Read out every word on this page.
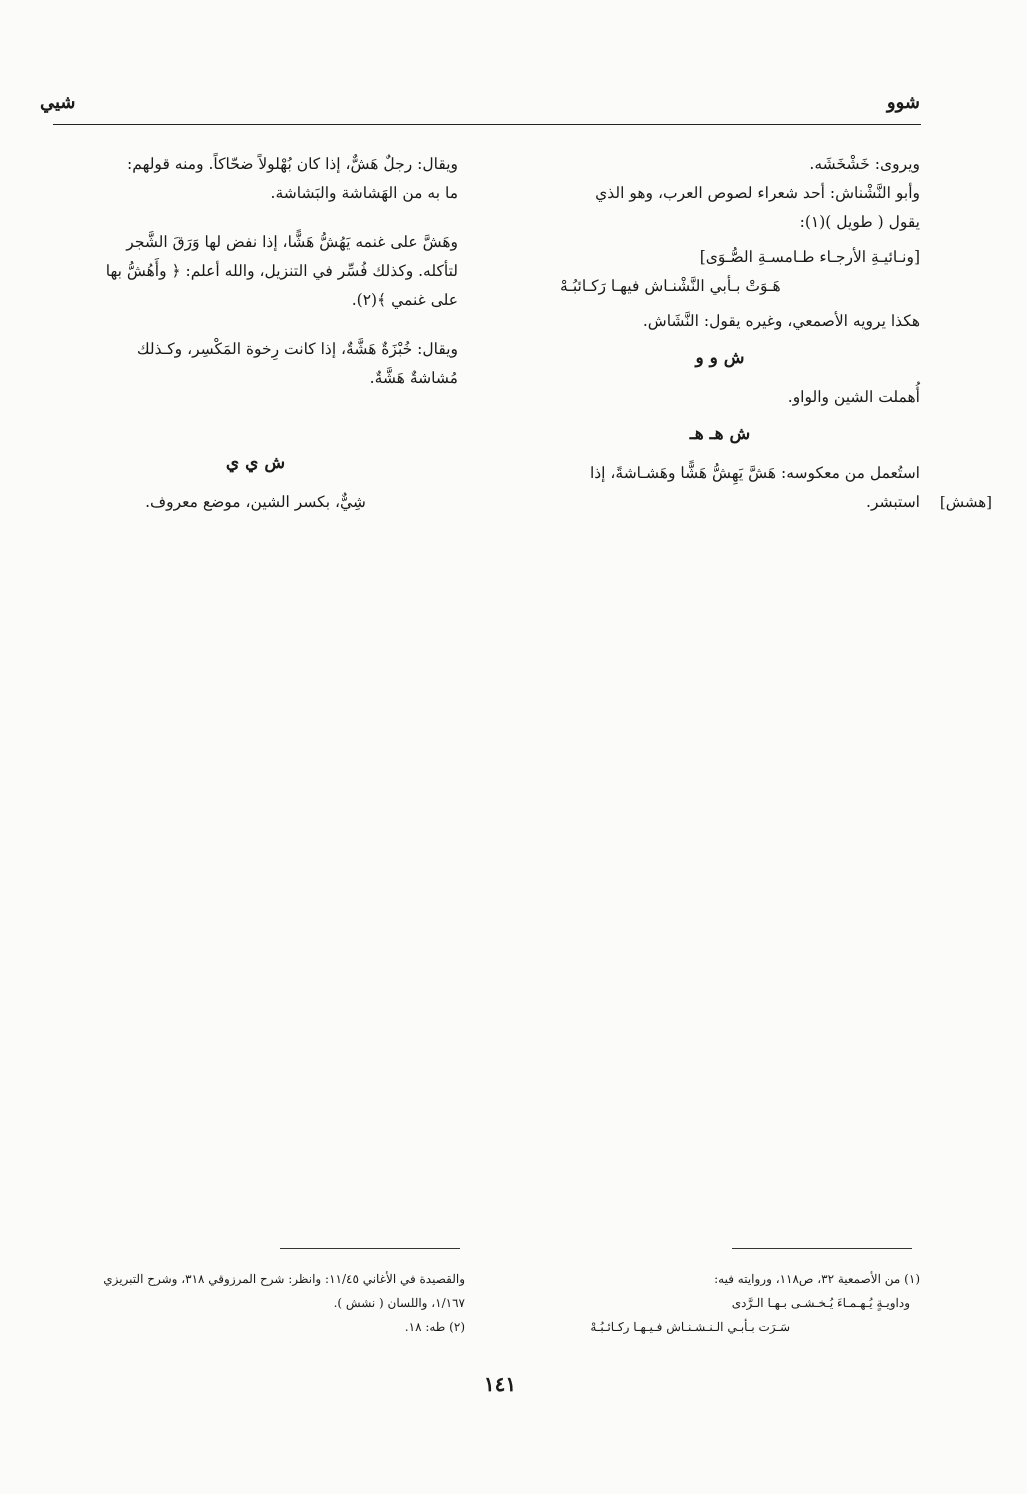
شوو
شيي

ويروى: خَشْخَشَه.

وأبو النَّشْناش: أحد شعراء لصوص العرب، وهو الذي

يقول ( طويل )(١):

[ونـائيـةِ الأرجـاء طـامسـةِ الصُّـوَى]

هَـوَتْ بـأبي النَّشْنـاش فيهـا رَكـائبُـهْ

هكذا يرويه الأصمعي، وغيره يقول: النَّشَاش.

ش و و

أُهملت الشين والواو.

ش هـ هـ

استُعمل من معكوسه: هَشَّ يَهِشُّ هَشًّا وهَشـاشةً، إذا

استبشر.	[هشش]

ويقال: رجلٌ هَشٌّ، إذا كان بُهْلولاً ضحّاكاً. ومنه قولهم:

ما به من الهَشاشة والبَشاشة.

وهَشَّ على غنمه يَهُشُّ هَشًّا، إذا نفض لها وَرَقَ الشَّجر

لتأكله. وكذلك فُسِّر في التنزيل، والله أعلم: ﴿ وأَهُشُّ بها

على غنمي ﴾(٢).

ويقال: خُبْزَةٌ هَشَّةٌ، إذا كانت رِخوة المَكْسِر، وكـذلك

مُشاشةٌ هَشَّةٌ.

ش ي ي

شِيٌّ، بكسر الشين، موضع معروف.

(١) من الأصمعية ٣٢، ص١١٨، وروايته فيه:

وداويـةٍ يُـهـمـاءَ يُـخـشـى بـهـا الـرَّدى

سَـرَت بـأبـي الـنـشـنـاش فـيـهـا ركـائـبُـهْ

والقصيدة في الأغاني ١١/٤٥: وانظر: شرح المرزوقي ٣١٨، وشرح التبريزي

١/١٦٧، واللسان ( نشش ).

(٢) طه: ١٨.

١٤١
